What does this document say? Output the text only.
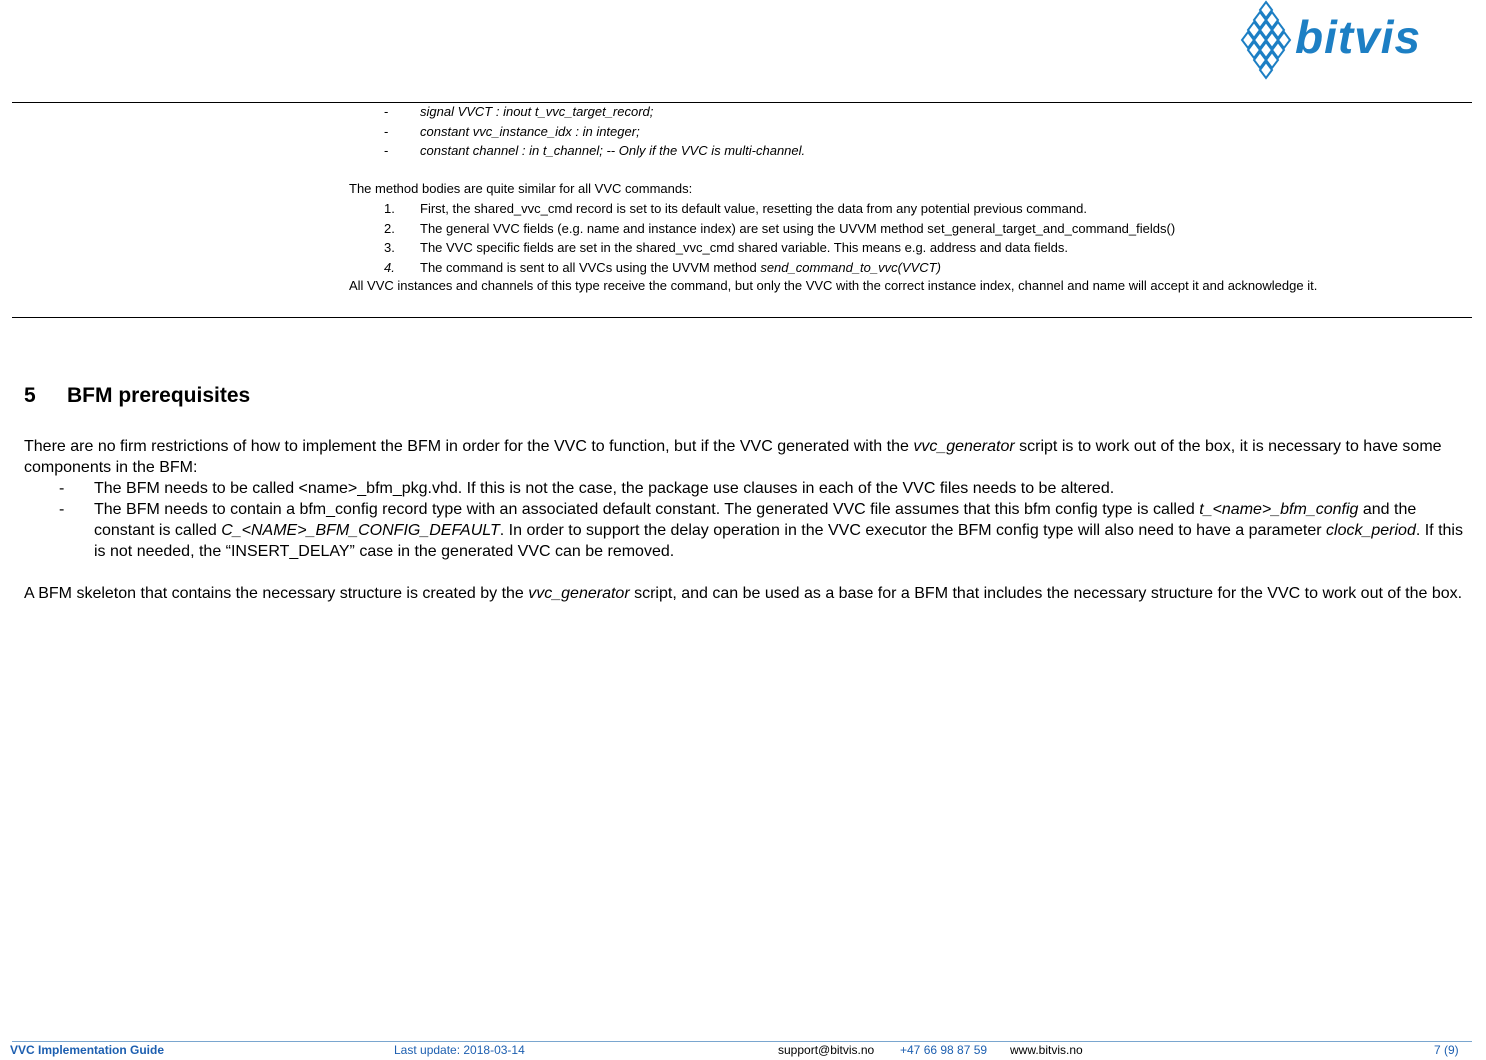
bitvis
- signal VVCT : inout t_vvc_target_record;
- constant vvc_instance_idx : in integer;
- constant channel : in t_channel; -- Only if the VVC is multi-channel.
The method bodies are quite similar for all VVC commands:
1. First, the shared_vvc_cmd record is set to its default value, resetting the data from any potential previous command.
2. The general VVC fields (e.g. name and instance index) are set using the UVVM method set_general_target_and_command_fields()
3. The VVC specific fields are set in the shared_vvc_cmd shared variable. This means e.g. address and data fields.
4. The command is sent to all VVCs using the UVVM method send_command_to_vvc(VVCT)
All VVC instances and channels of this type receive the command, but only the VVC with the correct instance index, channel and name will accept it and acknowledge it.
5 BFM prerequisites

There are no firm restrictions of how to implement the BFM in order for the VVC to function, but if the VVC generated with the vvc_generator script is to work out of the box, it is necessary to have some components in the BFM:

- The BFM needs to be called <name>_bfm_pkg.vhd. If this is not the case, the package use clauses in each of the VVC files needs to be altered.
- The BFM needs to contain a bfm_config record type with an associated default constant. The generated VVC file assumes that this bfm config type is called t_<name>_bfm_config and the constant is called C_<NAME>_BFM_CONFIG_DEFAULT. In order to support the delay operation in the VVC executor the BFM config type will also need to have a parameter clock_period. If this is not needed, the “INSERT_DELAY” case in the generated VVC can be removed.

A BFM skeleton that contains the necessary structure is created by the vvc_generator script, and can be used as a base for a BFM that includes the necessary structure for the VVC to work out of the box.

VVC Implementation Guide	Last update: 2018-03-14	support@bitvis.no +47 66 98 87 59 www.bitvis.no	7 (9)
